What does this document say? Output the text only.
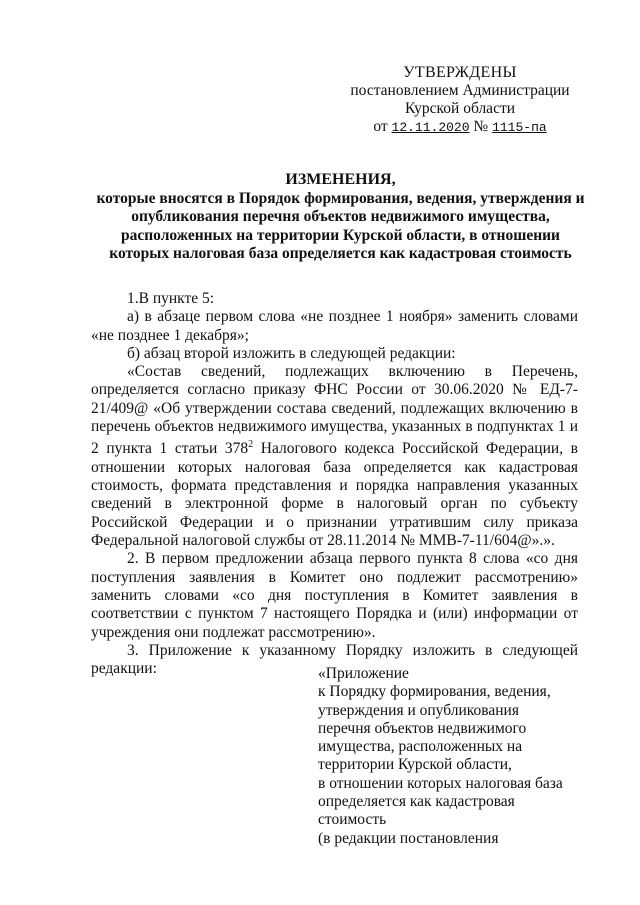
УТВЕРЖДЕНЫ
постановлением Администрации
Курской области
от 12.11.2020 № 1115-па
ИЗМЕНЕНИЯ,
которые вносятся в Порядок формирования, ведения, утверждения и
опубликования перечня объектов недвижимого имущества,
расположенных на территории Курской области, в отношении
которых налоговая база определяется как кадастровая стоимость

1.В пункте 5:

а) в абзаце первом слова «не позднее 1 ноября» заменить словами «не позднее 1 декабря»;

б) абзац второй изложить в следующей редакции:

«Состав сведений, подлежащих включению в Перечень, определяется согласно приказу ФНС России от 30.06.2020 № ЕД-7-21/409@ «Об утверждении состава сведений, подлежащих включению в перечень объектов недвижимого имущества, указанных в подпунктах 1 и 2 пункта 1 статьи $378^2$ Налогового кодекса Российской Федерации, в отношении которых налоговая база определяется как кадастровая стоимость, формата представления и порядка направления указанных сведений в электронной форме в налоговый орган по субъекту Российской Федерации и о признании утратившим силу приказа Федеральной налоговой службы от 28.11.2014 № ММВ-7-11/604@».».

2. В первом предложении абзаца первого пункта 8 слова «со дня поступления заявления в Комитет оно подлежит рассмотрению» заменить словами «со дня поступления в Комитет заявления в соответствии с пунктом 7 настоящего Порядка и (или) информации от учреждения они подлежат рассмотрению».

3. Приложение к указанному Порядку изложить в следующей редакции:	«Приложение
к Порядку формирования, ведения,
утверждения и опубликования
перечня объектов недвижимого
имущества, расположенных на
территории Курской области,
в отношении которых налоговая база
определяется как кадастровая
стоимость
(в редакции постановления
